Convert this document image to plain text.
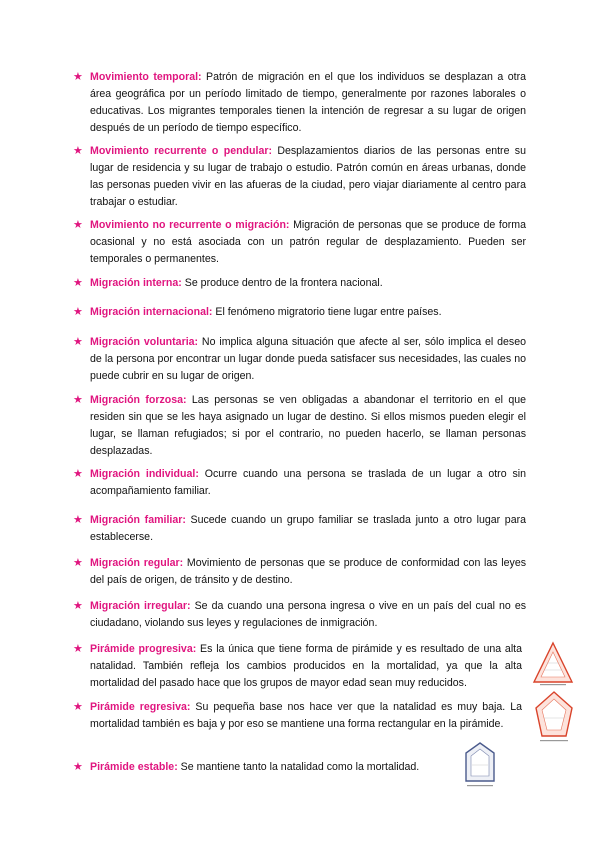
★ Movimiento temporal: Patrón de migración en el que los individuos se desplazan a otra área geográfica por un período limitado de tiempo, generalmente por razones laborales o educativas. Los migrantes temporales tienen la intención de regresar a su lugar de origen después de un período de tiempo específico.
★ Movimiento recurrente o pendular: Desplazamientos diarios de las personas entre su lugar de residencia y su lugar de trabajo o estudio. Patrón común en áreas urbanas, donde las personas pueden vivir en las afueras de la ciudad, pero viajar diariamente al centro para trabajar o estudiar.
★ Movimiento no recurrente o migración: Migración de personas que se produce de forma ocasional y no está asociada con un patrón regular de desplazamiento. Pueden ser temporales o permanentes.
★ Migración interna: Se produce dentro de la frontera nacional.
★ Migración internacional: El fenómeno migratorio tiene lugar entre países.
★ Migración voluntaria: No implica alguna situación que afecte al ser, sólo implica el deseo de la persona por encontrar un lugar donde pueda satisfacer sus necesidades, las cuales no puede cubrir en su lugar de origen.
★ Migración forzosa: Las personas se ven obligadas a abandonar el territorio en el que residen sin que se les haya asignado un lugar de destino. Si ellos mismos pueden elegir el lugar, se llaman refugiados; si por el contrario, no pueden hacerlo, se llaman personas desplazadas.
★ Migración individual: Ocurre cuando una persona se traslada de un lugar a otro sin acompañamiento familiar.
★ Migración familiar: Sucede cuando un grupo familiar se traslada junto a otro lugar para establecerse.
★ Migración regular: Movimiento de personas que se produce de conformidad con las leyes del país de origen, de tránsito y de destino.
★ Migración irregular: Se da cuando una persona ingresa o vive en un país del cual no es ciudadano, violando sus leyes y regulaciones de inmigración.
★ Pirámide progresiva: Es la única que tiene forma de pirámide y es resultado de una alta natalidad. También refleja los cambios producidos en la mortalidad, ya que la alta mortalidad del pasado hace que los grupos de mayor edad sean muy reducidos.
★ Pirámide regresiva: Su pequeña base nos hace ver que la natalidad es muy baja. La mortalidad también es baja y por eso se mantiene una forma rectangular en la pirámide.
★ Pirámide estable: Se mantiene tanto la natalidad como la mortalidad.
